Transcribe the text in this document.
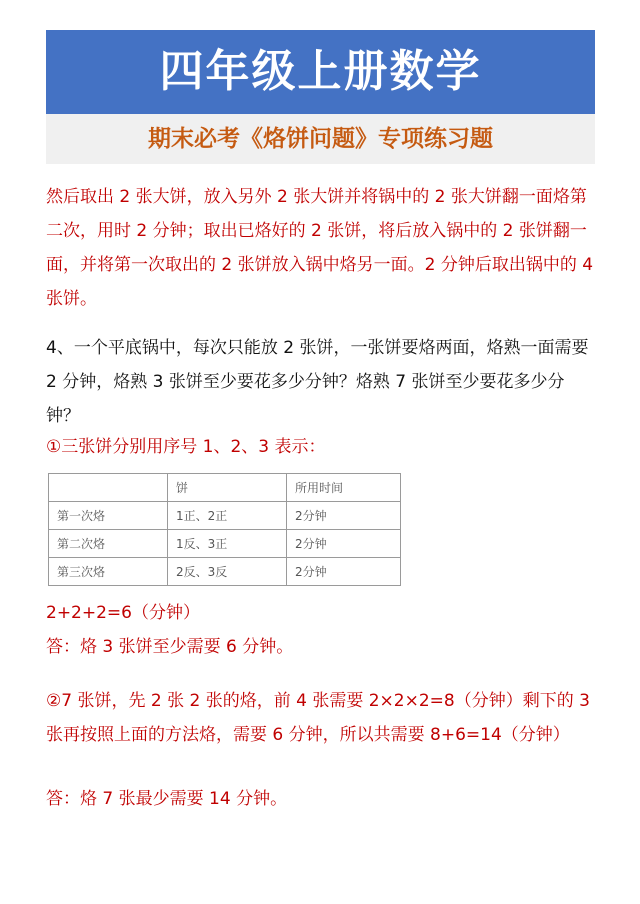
四年级上册数学
期末必考《烙饼问题》专项练习题

然后取出 2 张大饼，放入另外 2 张大饼并将锅中的 2 张大饼翻一面烙第二次，用时 2 分钟；取出已烙好的 2 张饼，将后放入锅中的 2 张饼翻一面，并将第一次取出的 2 张饼放入锅中烙另一面。2 分钟后取出锅中的 4 张饼。

4、一个平底锅中，每次只能放 2 张饼，一张饼要烙两面，烙熟一面需要 2 分钟，烙熟 3 张饼至少要花多少分钟？烙熟 7 张饼至少要花多少分钟？

①三张饼分别用序号 1、2、3 表示：

	饼	所用时间
第一次烙	1正、2正	2分钟
第二次烙	1反、3正	2分钟
第三次烙	2反、3反	2分钟

2+2+2=6（分钟）

答：烙 3 张饼至少需要 6 分钟。

②7 张饼，先 2 张 2 张的烙，前 4 张需要 2×2×2=8（分钟）剩下的 3 张再按照上面的方法烙，需要 6 分钟，所以共需要 8+6=14（分钟）

答：烙 7 张最少需要 14 分钟。
